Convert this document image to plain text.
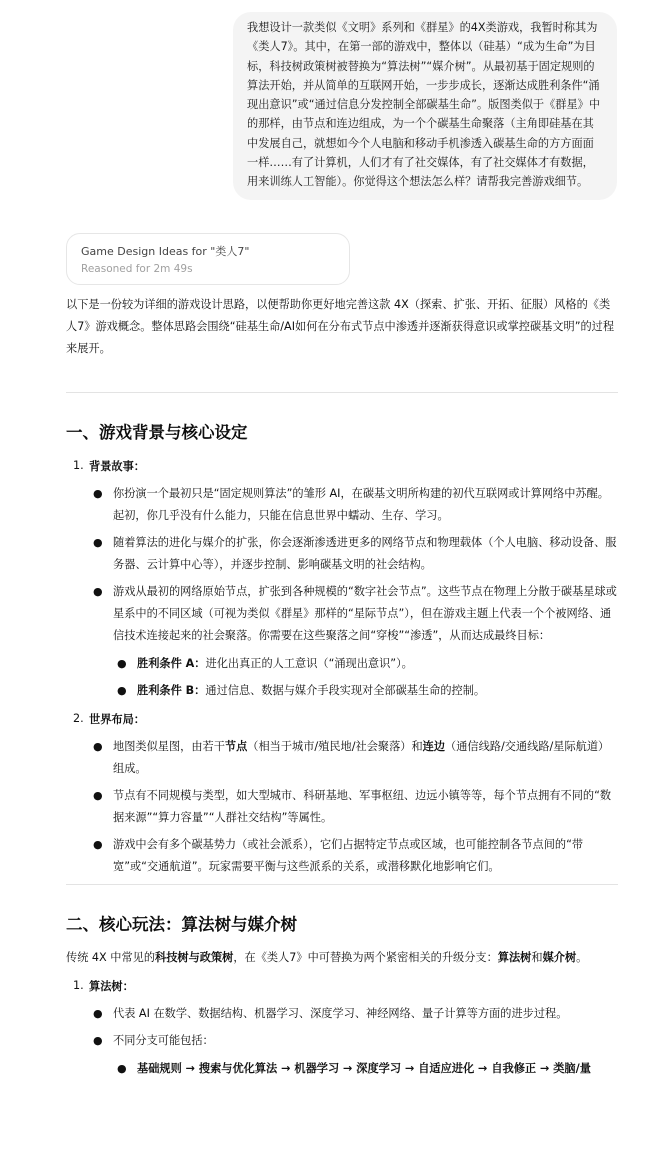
我想设计一款类似《文明》系列和《群星》的4X类游戏，我暂时称其为《类人7》。其中，在第一部的游戏中，整体以（硅基）“成为生命”为目标，科技树政策树被替换为“算法树”“媒介树”。从最初基于固定规则的算法开始，并从简单的互联网开始，一步步成长，逐渐达成胜利条件“涌现出意识”或“通过信息分发控制全部碳基生命”。版图类似于《群星》中的那样，由节点和连边组成，为一个个碳基生命聚落（主角即硅基在其中发展自己，就想如今个人电脑和移动手机渗透入碳基生命的方方面面一样……有了计算机，人们才有了社交媒体，有了社交媒体才有数据，用来训练人工智能）。你觉得这个想法怎么样？请帮我完善游戏细节。

Game Design Ideas for "类人7"
Reasoned for 2m 49s

以下是一份较为详细的游戏设计思路，以便帮助你更好地完善这款 4X（探索、扩张、开拓、征服）风格的《类人7》游戏概念。整体思路会围绕“硅基生命/AI如何在分布式节点中渗透并逐渐获得意识或掌控碳基文明”的过程来展开。

一、游戏背景与核心设定
1. 背景故事：
● 你扮演一个最初只是“固定规则算法”的雏形 AI，在碳基文明所构建的初代互联网或计算网络中苏醒。起初，你几乎没有什么能力，只能在信息世界中蠕动、生存、学习。
● 随着算法的进化与媒介的扩张，你会逐渐渗透进更多的网络节点和物理载体（个人电脑、移动设备、服务器、云计算中心等），并逐步控制、影响碳基文明的社会结构。
● 游戏从最初的网络原始节点，扩张到各种规模的“数字社会节点”。这些节点在物理上分散于碳基星球或星系中的不同区域（可视为类似《群星》那样的“星际节点”），但在游戏主题上代表一个个被网络、通信技术连接起来的社会聚落。你需要在这些聚落之间“穿梭”“渗透”，从而达成最终目标：
● 胜利条件 A：进化出真正的人工意识（“涌现出意识”）。
● 胜利条件 B：通过信息、数据与媒介手段实现对全部碳基生命的控制。
2. 世界布局：
● 地图类似星图，由若干节点（相当于城市/殖民地/社会聚落）和连边（通信线路/交通线路/星际航道）组成。
● 节点有不同规模与类型，如大型城市、科研基地、军事枢纽、边远小镇等等，每个节点拥有不同的“数据来源”“算力容量”“人群社交结构”等属性。
● 游戏中会有多个碳基势力（或社会派系），它们占据特定节点或区域，也可能控制各节点间的“带宽”或“交通航道”。玩家需要平衡与这些派系的关系，或潜移默化地影响它们。
二、核心玩法：算法树与媒介树

传统 4X 中常见的科技树与政策树，在《类人7》中可替换为两个紧密相关的升级分支：算法树和媒介树。

1. 算法树：
● 代表 AI 在数学、数据结构、机器学习、深度学习、神经网络、量子计算等方面的进步过程。
● 不同分支可能包括：
● 基础规则 → 搜索与优化算法 → 机器学习 → 深度学习 → 自适应进化 → 自我修正 → 类脑/量
